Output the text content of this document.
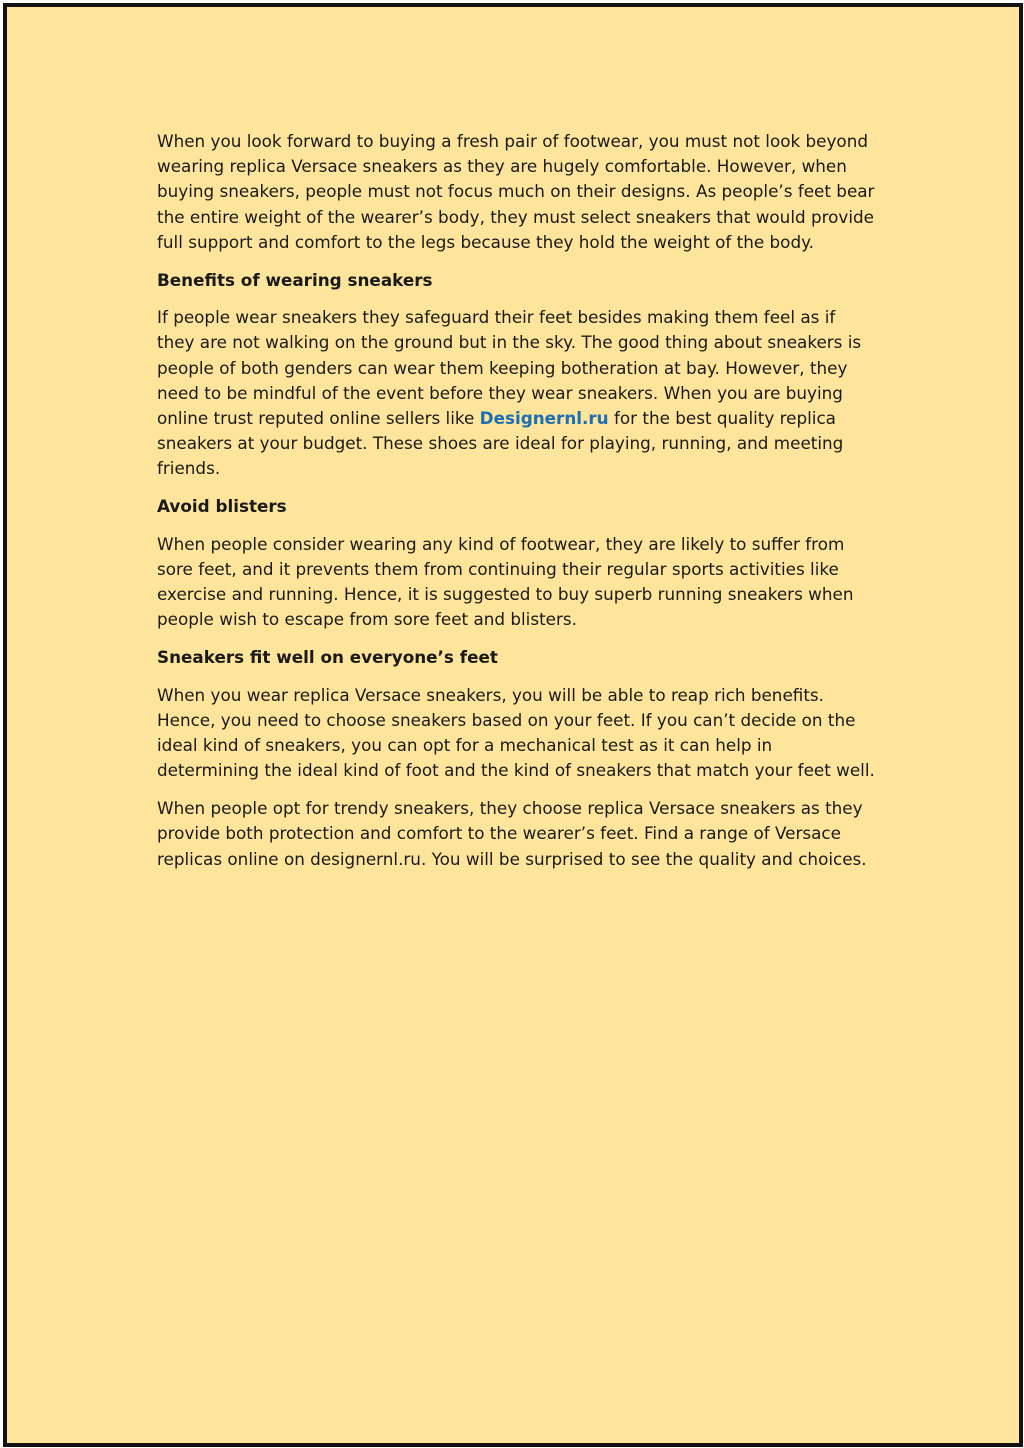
When you look forward to buying a fresh pair of footwear, you must not look beyond wearing replica Versace sneakers as they are hugely comfortable. However, when buying sneakers, people must not focus much on their designs. As people’s feet bear the entire weight of the wearer’s body, they must select sneakers that would provide full support and comfort to the legs because they hold the weight of the body.

Benefits of wearing sneakers

If people wear sneakers they safeguard their feet besides making them feel as if they are not walking on the ground but in the sky. The good thing about sneakers is people of both genders can wear them keeping botheration at bay. However, they need to be mindful of the event before they wear sneakers. When you are buying online trust reputed online sellers like Designernl.ru for the best quality replica sneakers at your budget. These shoes are ideal for playing, running, and meeting friends.

Avoid blisters

When people consider wearing any kind of footwear, they are likely to suffer from sore feet, and it prevents them from continuing their regular sports activities like exercise and running. Hence, it is suggested to buy superb running sneakers when people wish to escape from sore feet and blisters.

Sneakers fit well on everyone’s feet

When you wear replica Versace sneakers, you will be able to reap rich benefits. Hence, you need to choose sneakers based on your feet. If you can’t decide on the ideal kind of sneakers, you can opt for a mechanical test as it can help in determining the ideal kind of foot and the kind of sneakers that match your feet well.

When people opt for trendy sneakers, they choose replica Versace sneakers as they provide both protection and comfort to the wearer’s feet. Find a range of Versace replicas online on designernl.ru. You will be surprised to see the quality and choices.
